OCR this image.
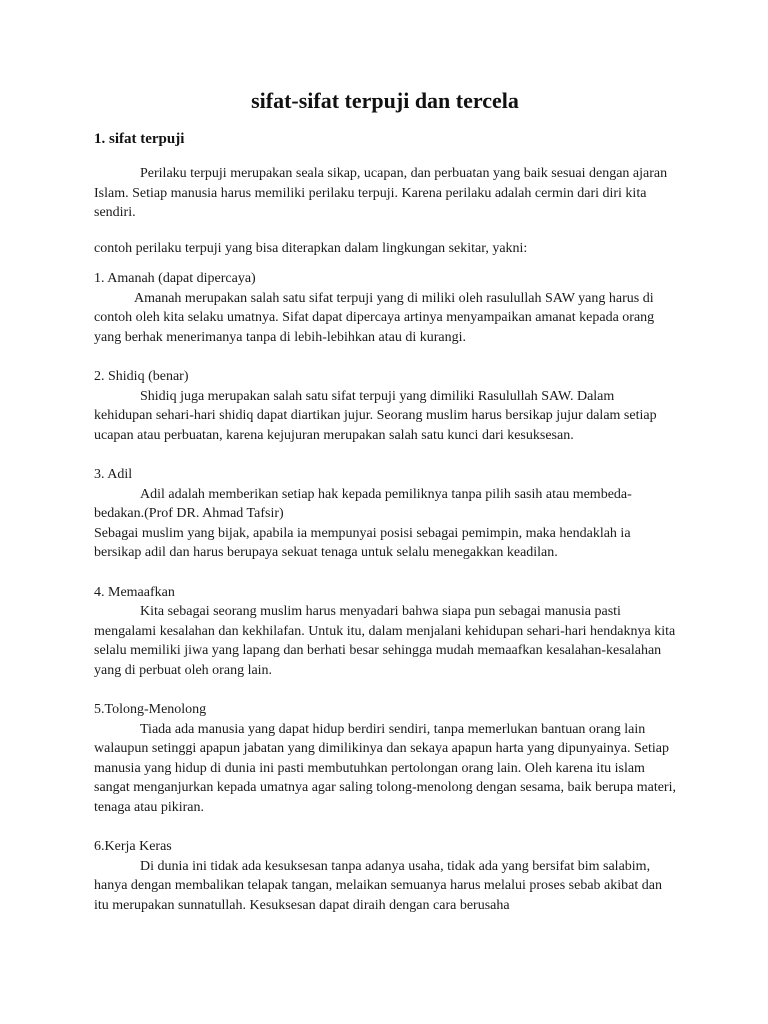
sifat-sifat terpuji dan tercela
1. sifat terpuji

Perilaku terpuji merupakan seala sikap, ucapan, dan perbuatan yang baik sesuai dengan ajaran Islam. Setiap manusia harus memiliki perilaku terpuji. Karena perilaku adalah cermin dari diri kita sendiri.

contoh perilaku terpuji yang bisa diterapkan dalam lingkungan sekitar, yakni:

1. Amanah (dapat dipercaya)

Amanah merupakan salah satu sifat terpuji yang di miliki oleh rasulullah SAW yang harus di contoh oleh kita selaku umatnya. Sifat dapat dipercaya artinya menyampaikan amanat kepada orang yang berhak menerimanya tanpa di lebih-lebihkan atau di kurangi.

2. Shidiq (benar)

Shidiq juga merupakan salah satu sifat terpuji yang dimiliki Rasulullah SAW. Dalam kehidupan sehari-hari shidiq dapat diartikan jujur. Seorang muslim harus bersikap jujur dalam setiap ucapan atau perbuatan, karena kejujuran merupakan salah satu kunci dari kesuksesan.

3. Adil

Adil adalah memberikan setiap hak kepada pemiliknya tanpa pilih sasih atau membeda-bedakan.(Prof DR. Ahmad Tafsir)

Sebagai muslim yang bijak, apabila ia mempunyai posisi sebagai pemimpin, maka hendaklah ia bersikap adil dan harus berupaya sekuat tenaga untuk selalu menegakkan keadilan.

4. Memaafkan

Kita sebagai seorang muslim harus menyadari bahwa siapa pun sebagai manusia pasti mengalami kesalahan dan kekhilafan. Untuk itu, dalam menjalani kehidupan sehari-hari hendaknya kita selalu memiliki jiwa yang lapang dan berhati besar sehingga mudah memaafkan kesalahan-kesalahan yang di perbuat oleh orang lain.

5.Tolong-Menolong

Tiada ada manusia yang dapat hidup berdiri sendiri, tanpa memerlukan bantuan orang lain walaupun setinggi apapun jabatan yang dimilikinya dan sekaya apapun harta yang dipunyainya. Setiap manusia yang hidup di dunia ini pasti membutuhkan pertolongan orang lain. Oleh karena itu islam sangat menganjurkan kepada umatnya agar saling tolong-menolong dengan sesama, baik berupa materi, tenaga atau pikiran.

6.Kerja Keras

Di dunia ini tidak ada kesuksesan tanpa adanya usaha, tidak ada yang bersifat bim salabim, hanya dengan membalikan telapak tangan, melaikan semuanya harus melalui proses sebab akibat dan itu merupakan sunnatullah. Kesuksesan dapat diraih dengan cara berusaha
